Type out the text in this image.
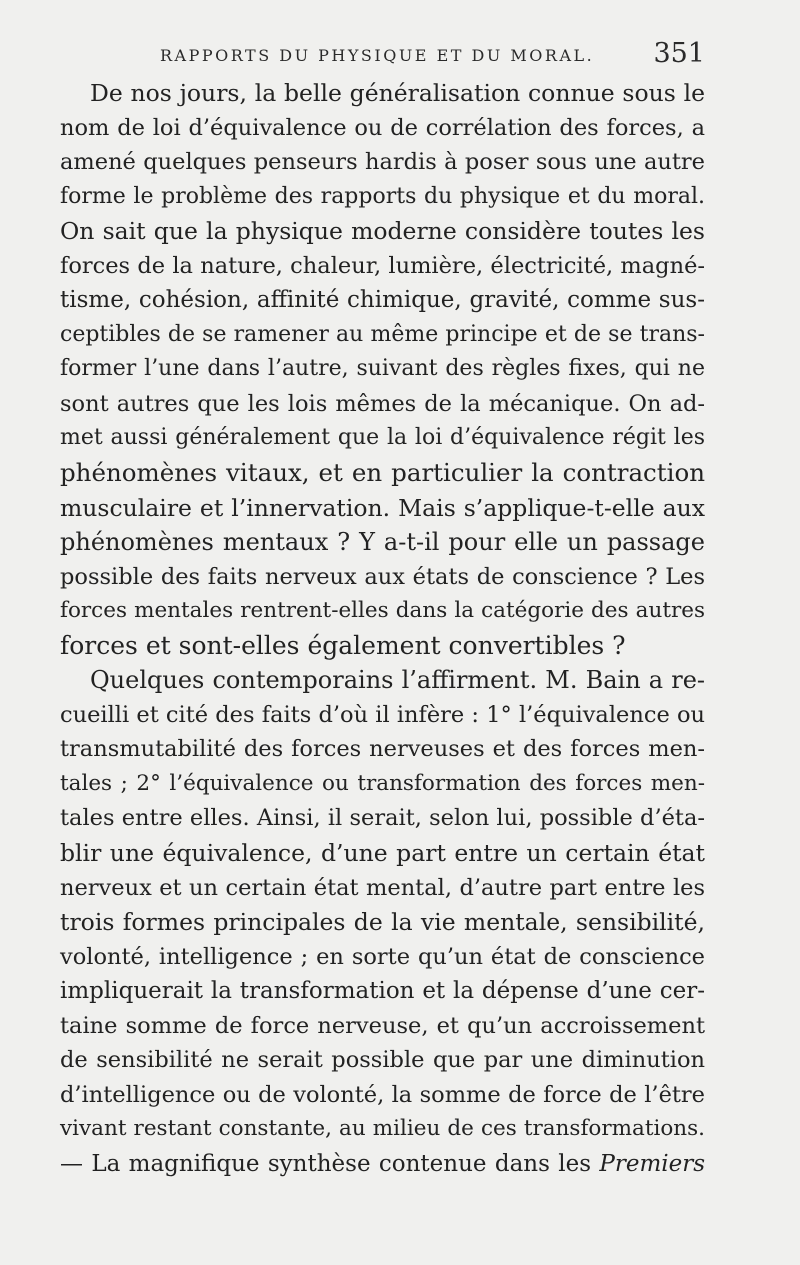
RAPPORTS DU PHYSIQUE ET DU MORAL. 351
De nos jours, la belle généralisation connue sous le
nom de loi d’équivalence ou de corrélation des forces, a
amené quelques penseurs hardis à poser sous une autre
forme le problème des rapports du physique et du moral.
On sait que la physique moderne considère toutes les
forces de la nature, chaleur, lumière, électricité, magné-
tisme, cohésion, affinité chimique, gravité, comme sus-
ceptibles de se ramener au même principe et de se trans-
former l’une dans l’autre, suivant des règles fixes, qui ne
sont autres que les lois mêmes de la mécanique. On ad-
met aussi généralement que la loi d’équivalence régit les
phénomènes vitaux, et en particulier la contraction
musculaire et l’innervation. Mais s’applique-t-elle aux
phénomènes mentaux ? Y a-t-il pour elle un passage
possible des faits nerveux aux états de conscience ? Les
forces mentales rentrent-elles dans la catégorie des autres
forces et sont-elles également convertibles ?
Quelques contemporains l’affirment. M. Bain a re-
cueilli et cité des faits d’où il infère : 1° l’équivalence ou
transmutabilité des forces nerveuses et des forces men-
tales ; 2° l’équivalence ou transformation des forces men-
tales entre elles. Ainsi, il serait, selon lui, possible d’éta-
blir une équivalence, d’une part entre un certain état
nerveux et un certain état mental, d’autre part entre les
trois formes principales de la vie mentale, sensibilité,
volonté, intelligence ; en sorte qu’un état de conscience
impliquerait la transformation et la dépense d’une cer-
taine somme de force nerveuse, et qu’un accroissement
de sensibilité ne serait possible que par une diminution
d’intelligence ou de volonté, la somme de force de l’être
vivant restant constante, au milieu de ces transformations.
— La magnifique synthèse contenue dans les Premiers
